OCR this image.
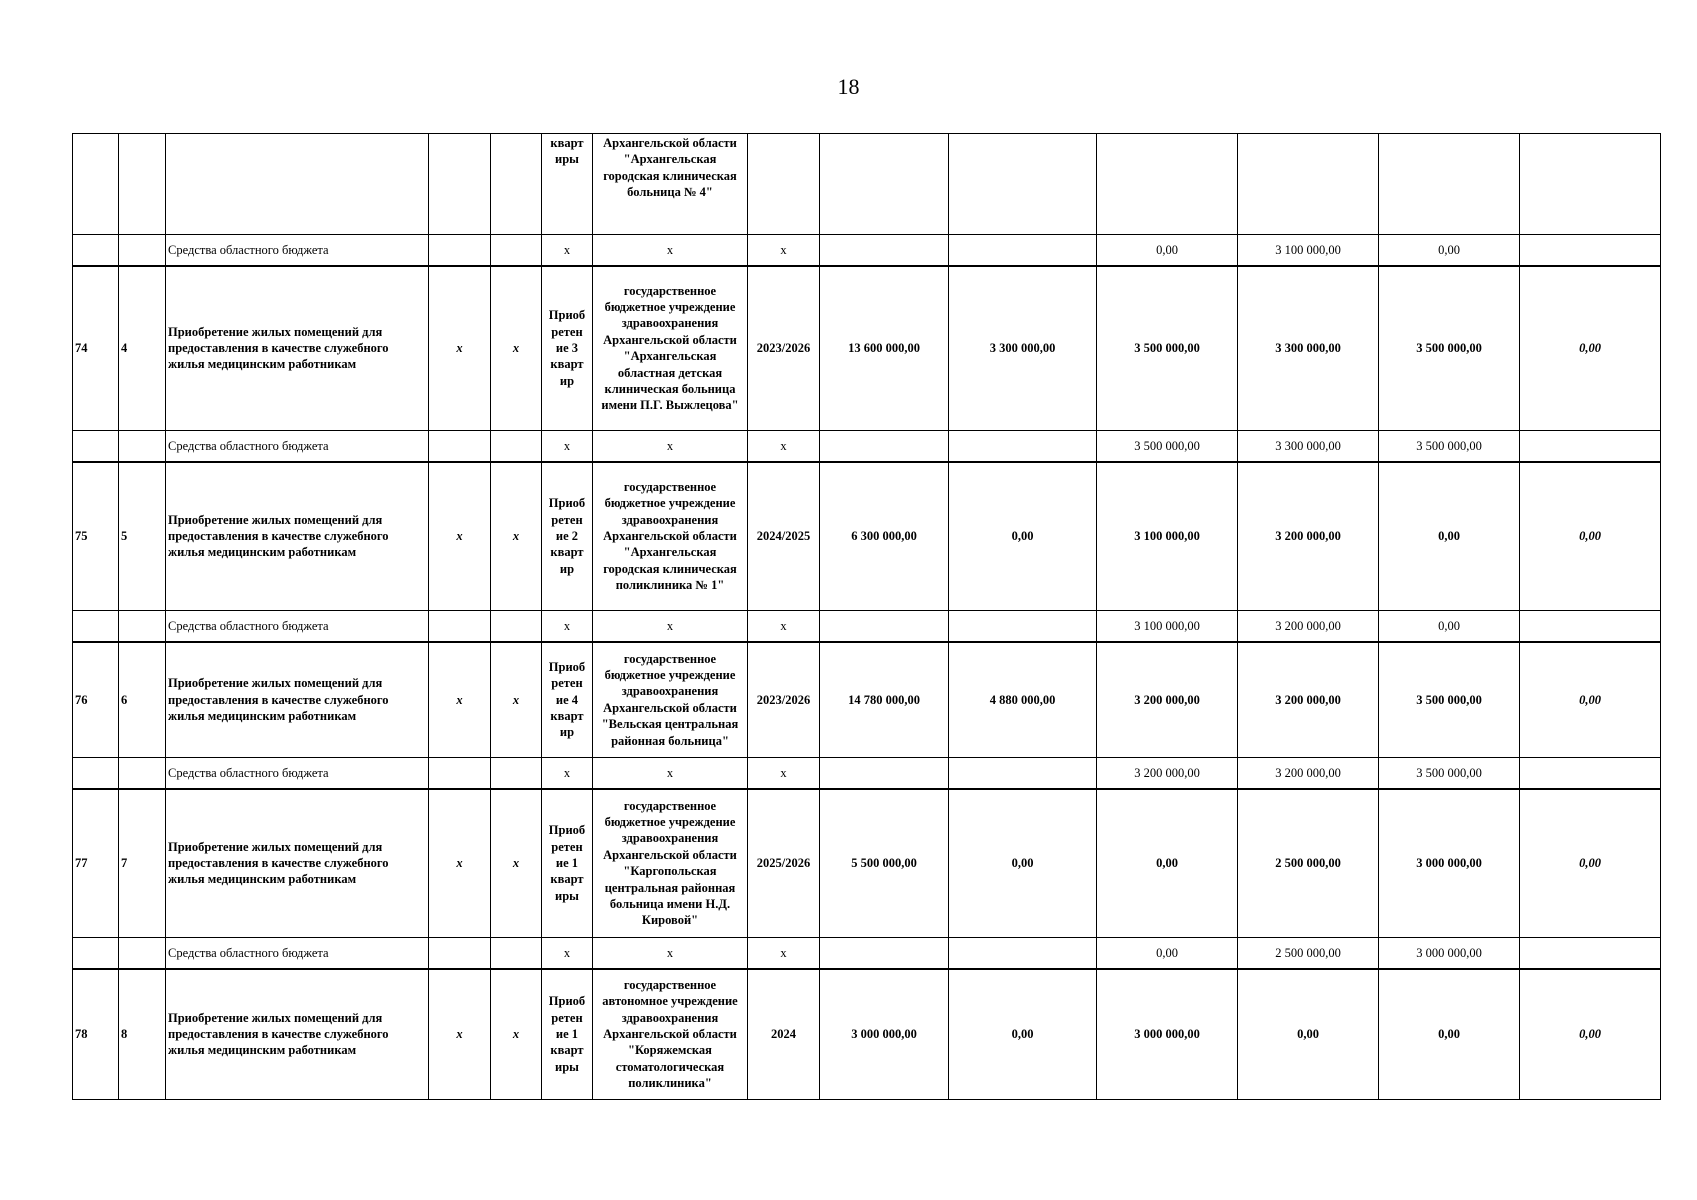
18
					кварт иры	Архангельской области "Архангельская городская клиническая больница № 4"							
		Средства областного бюджета			х	х	х			0,00	3 100 000,00	0,00	
74	4	Приобретение жилых помещений для предоставления в качестве служебного жилья медицинским работникам	х	х	Приоб ретен ие 3 кварт ир	государственное бюджетное учреждение здравоохранения Архангельской области "Архангельская областная детская клиническая больница имени П.Г. Выжлецова"	2023/2026	13 600 000,00	3 300 000,00	3 500 000,00	3 300 000,00	3 500 000,00	0,00
		Средства областного бюджета			х	х	х			3 500 000,00	3 300 000,00	3 500 000,00	
75	5	Приобретение жилых помещений для предоставления в качестве служебного жилья медицинским работникам	х	х	Приоб ретен ие 2 кварт ир	государственное бюджетное учреждение здравоохранения Архангельской области "Архангельская городская клиническая поликлиника № 1"	2024/2025	6 300 000,00	0,00	3 100 000,00	3 200 000,00	0,00	0,00
		Средства областного бюджета			х	х	х			3 100 000,00	3 200 000,00	0,00	
76	6	Приобретение жилых помещений для предоставления в качестве служебного жилья медицинским работникам	х	х	Приоб ретен ие 4 кварт ир	государственное бюджетное учреждение здравоохранения Архангельской области "Вельская центральная районная больница"	2023/2026	14 780 000,00	4 880 000,00	3 200 000,00	3 200 000,00	3 500 000,00	0,00
		Средства областного бюджета			х	х	х			3 200 000,00	3 200 000,00	3 500 000,00	
77	7	Приобретение жилых помещений для предоставления в качестве служебного жилья медицинским работникам	х	х	Приоб ретен ие 1 кварт иры	государственное бюджетное учреждение здравоохранения Архангельской области "Каргопольская центральная районная больница имени Н.Д. Кировой"	2025/2026	5 500 000,00	0,00	0,00	2 500 000,00	3 000 000,00	0,00
		Средства областного бюджета			х	х	х			0,00	2 500 000,00	3 000 000,00	
78	8	Приобретение жилых помещений для предоставления в качестве служебного жилья медицинским работникам	х	х	Приоб ретен ие 1 кварт иры	государственное автономное учреждение здравоохранения Архангельской области "Коряжемская стоматологическая поликлиника"	2024	3 000 000,00	0,00	3 000 000,00	0,00	0,00	0,00
